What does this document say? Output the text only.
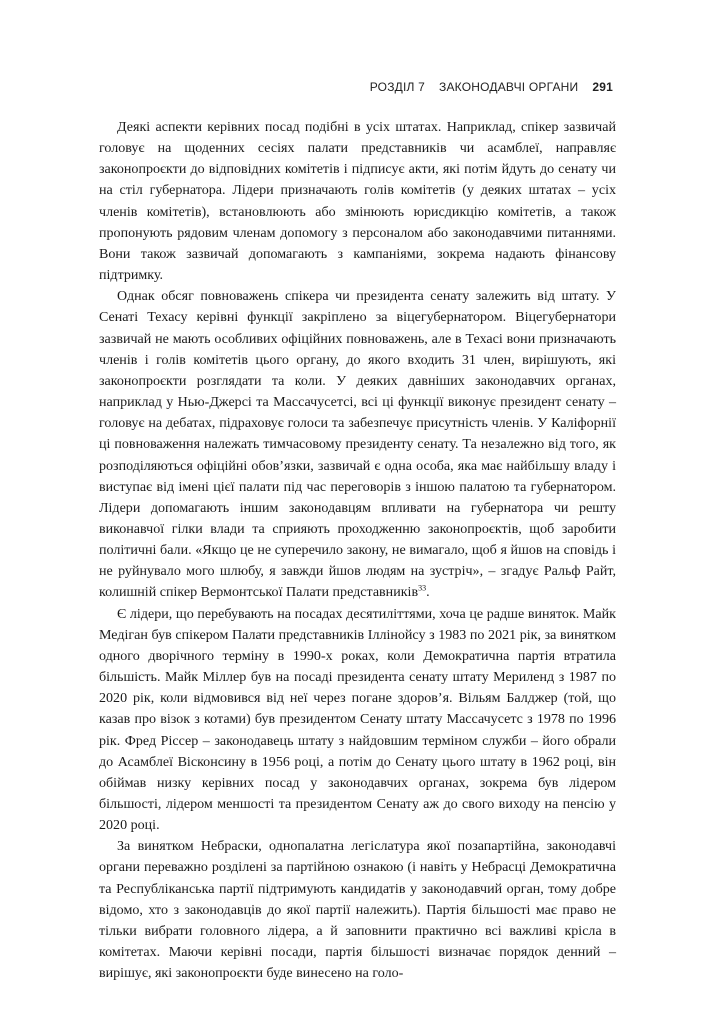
РОЗДІЛ 7 ЗАКОНОДАВЧІ ОРГАНИ 291

Деякі аспекти керівних посад подібні в усіх штатах. Наприклад, спікер зазвичай головує на щоденних сесіях палати представників чи асамблеї, направляє законопроєкти до відповідних комітетів і підписує акти, які потім йдуть до сенату чи на стіл губернатора. Лідери призначають голів комітетів (у деяких штатах – усіх членів комітетів), встановлюють або змінюють юрисдикцію комітетів, а також пропонують рядовим членам допомогу з персоналом або законодавчими питаннями. Вони також зазвичай допомагають з кампаніями, зокрема надають фінансову підтримку.

Однак обсяг повноважень спікера чи президента сенату залежить від штату. У Сенаті Техасу керівні функції закріплено за віцегубернатором. Віцегубернатори зазвичай не мають особливих офіційних повноважень, але в Техасі вони призначають членів і голів комітетів цього органу, до якого входить 31 член, вирішують, які законопроєкти розглядати та коли. У деяких давніших законодавчих органах, наприклад у Нью-Джерсі та Массачусетсі, всі ці функції виконує президент сенату – головує на дебатах, підраховує голоси та забезпечує присутність членів. У Каліфорнії ці повноваження належать тимчасовому президенту сенату. Та незалежно від того, як розподіляються офіційні обов’язки, зазвичай є одна особа, яка має найбільшу владу і виступає від імені цієї палати під час переговорів з іншою палатою та губернатором. Лідери допомагають іншим законодавцям впливати на губернатора чи решту виконавчої гілки влади та сприяють проходженню законопроєктів, щоб заробити політичні бали. «Якщо це не суперечило закону, не вимагало, щоб я йшов на сповідь і не руйнувало мого шлюбу, я завжди йшов людям на зустріч», – згадує Ральф Райт, колишній спікер Вермонтської Палати представників$^{33}$.

Є лідери, що перебувають на посадах десятиліттями, хоча це радше виняток. Майк Медіган був спікером Палати представників Іллінойсу з 1983 по 2021 рік, за винятком одного дворічного терміну в 1990-х роках, коли Демократична партія втратила більшість. Майк Міллер був на посаді президента сенату штату Мериленд з 1987 по 2020 рік, коли відмовився від неї через погане здоров’я. Вільям Балджер (той, що казав про візок з котами) був президентом Сенату штату Массачусетс з 1978 по 1996 рік. Фред Ріссер – законодавець штату з найдовшим терміном служби – його обрали до Асамблеї Вісконсину в 1956 році, а потім до Сенату цього штату в 1962 році, він обіймав низку керівних посад у законодавчих органах, зокрема був лідером більшості, лідером меншості та президентом Сенату аж до свого виходу на пенсію у 2020 році.

За винятком Небраски, однопалатна легіслатура якої позапартійна, законодавчі органи переважно розділені за партійною ознакою (і навіть у Небрасці Демократична та Республіканська партії підтримують кандидатів у законодавчий орган, тому добре відомо, хто з законодавців до якої партії належить). Партія більшості має право не тільки вибрати головного лідера, а й заповнити практично всі важливі крісла в комітетах. Маючи керівні посади, партія більшості визначає порядок денний – вирішує, які законопроєкти буде винесено на голо-
